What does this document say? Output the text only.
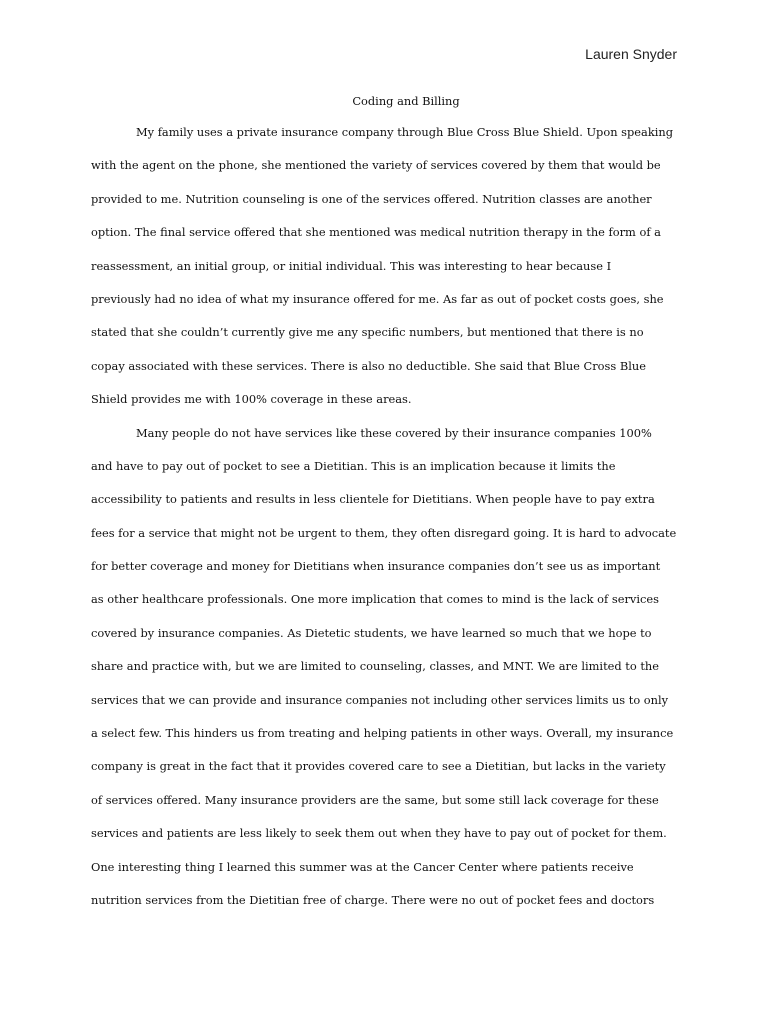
Lauren Snyder
Coding and Billing
My family uses a private insurance company through Blue Cross Blue Shield. Upon speaking
with the agent on the phone, she mentioned the variety of services covered by them that would be
provided to me. Nutrition counseling is one of the services offered. Nutrition classes are another
option. The final service offered that she mentioned was medical nutrition therapy in the form of a
reassessment, an initial group, or initial individual. This was interesting to hear because I
previously had no idea of what my insurance offered for me. As far as out of pocket costs goes, she
stated that she couldn’t currently give me any specific numbers, but mentioned that there is no
copay associated with these services. There is also no deductible. She said that Blue Cross Blue
Shield provides me with 100% coverage in these areas.
Many people do not have services like these covered by their insurance companies 100%
and have to pay out of pocket to see a Dietitian. This is an implication because it limits the
accessibility to patients and results in less clientele for Dietitians. When people have to pay extra
fees for a service that might not be urgent to them, they often disregard going. It is hard to advocate
for better coverage and money for Dietitians when insurance companies don’t see us as important
as other healthcare professionals. One more implication that comes to mind is the lack of services
covered by insurance companies. As Dietetic students, we have learned so much that we hope to
share and practice with, but we are limited to counseling, classes, and MNT. We are limited to the
services that we can provide and insurance companies not including other services limits us to only
a select few. This hinders us from treating and helping patients in other ways. Overall, my insurance
company is great in the fact that it provides covered care to see a Dietitian, but lacks in the variety
of services offered. Many insurance providers are the same, but some still lack coverage for these
services and patients are less likely to seek them out when they have to pay out of pocket for them.
One interesting thing I learned this summer was at the Cancer Center where patients receive
nutrition services from the Dietitian free of charge. There were no out of pocket fees and doctors
